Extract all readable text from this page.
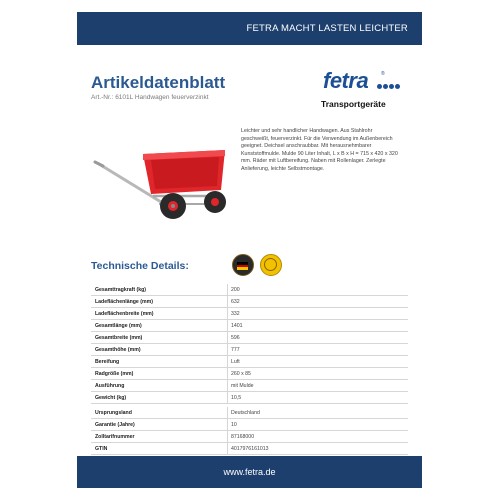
FETRA MACHT LASTEN LEICHTER
Artikeldatenblatt
Art.-Nr.: 6101L Handwagen feuerverzinkt
fetra	®
Transportgeräte
Leichter und sehr handlicher Handwagen. Aus Stahlrohr geschweißt, feuerverzinkt. Für die Verwendung im Außenbereich geeignet. Deichsel anschraubbar. Mit herausnehmbarer Kunststoffmulde. Mulde 90 Liter Inhalt, L x B x H = 715 x 420 x 320 mm. Räder mit Luftbereifung. Naben mit Rollenlager. Zerlegte Anlieferung, leichte Selbstmontage.
Technische Details:
Gesamttragkraft (kg)	200
Ladeflächenlänge (mm)	632
Ladeflächenbreite (mm)	332
Gesamtlänge (mm)	1401
Gesamtbreite (mm)	596
Gesamthöhe (mm)	777
Bereifung	Luft
Radgröße (mm)	260 x 85
Ausführung	mit Mulde
Gewicht (kg)	10,5
Ursprungsland	Deutschland
Garantie (Jahre)	10
Zolltarifnummer	87168000
GTIN	4017976161013
www.fetra.de
